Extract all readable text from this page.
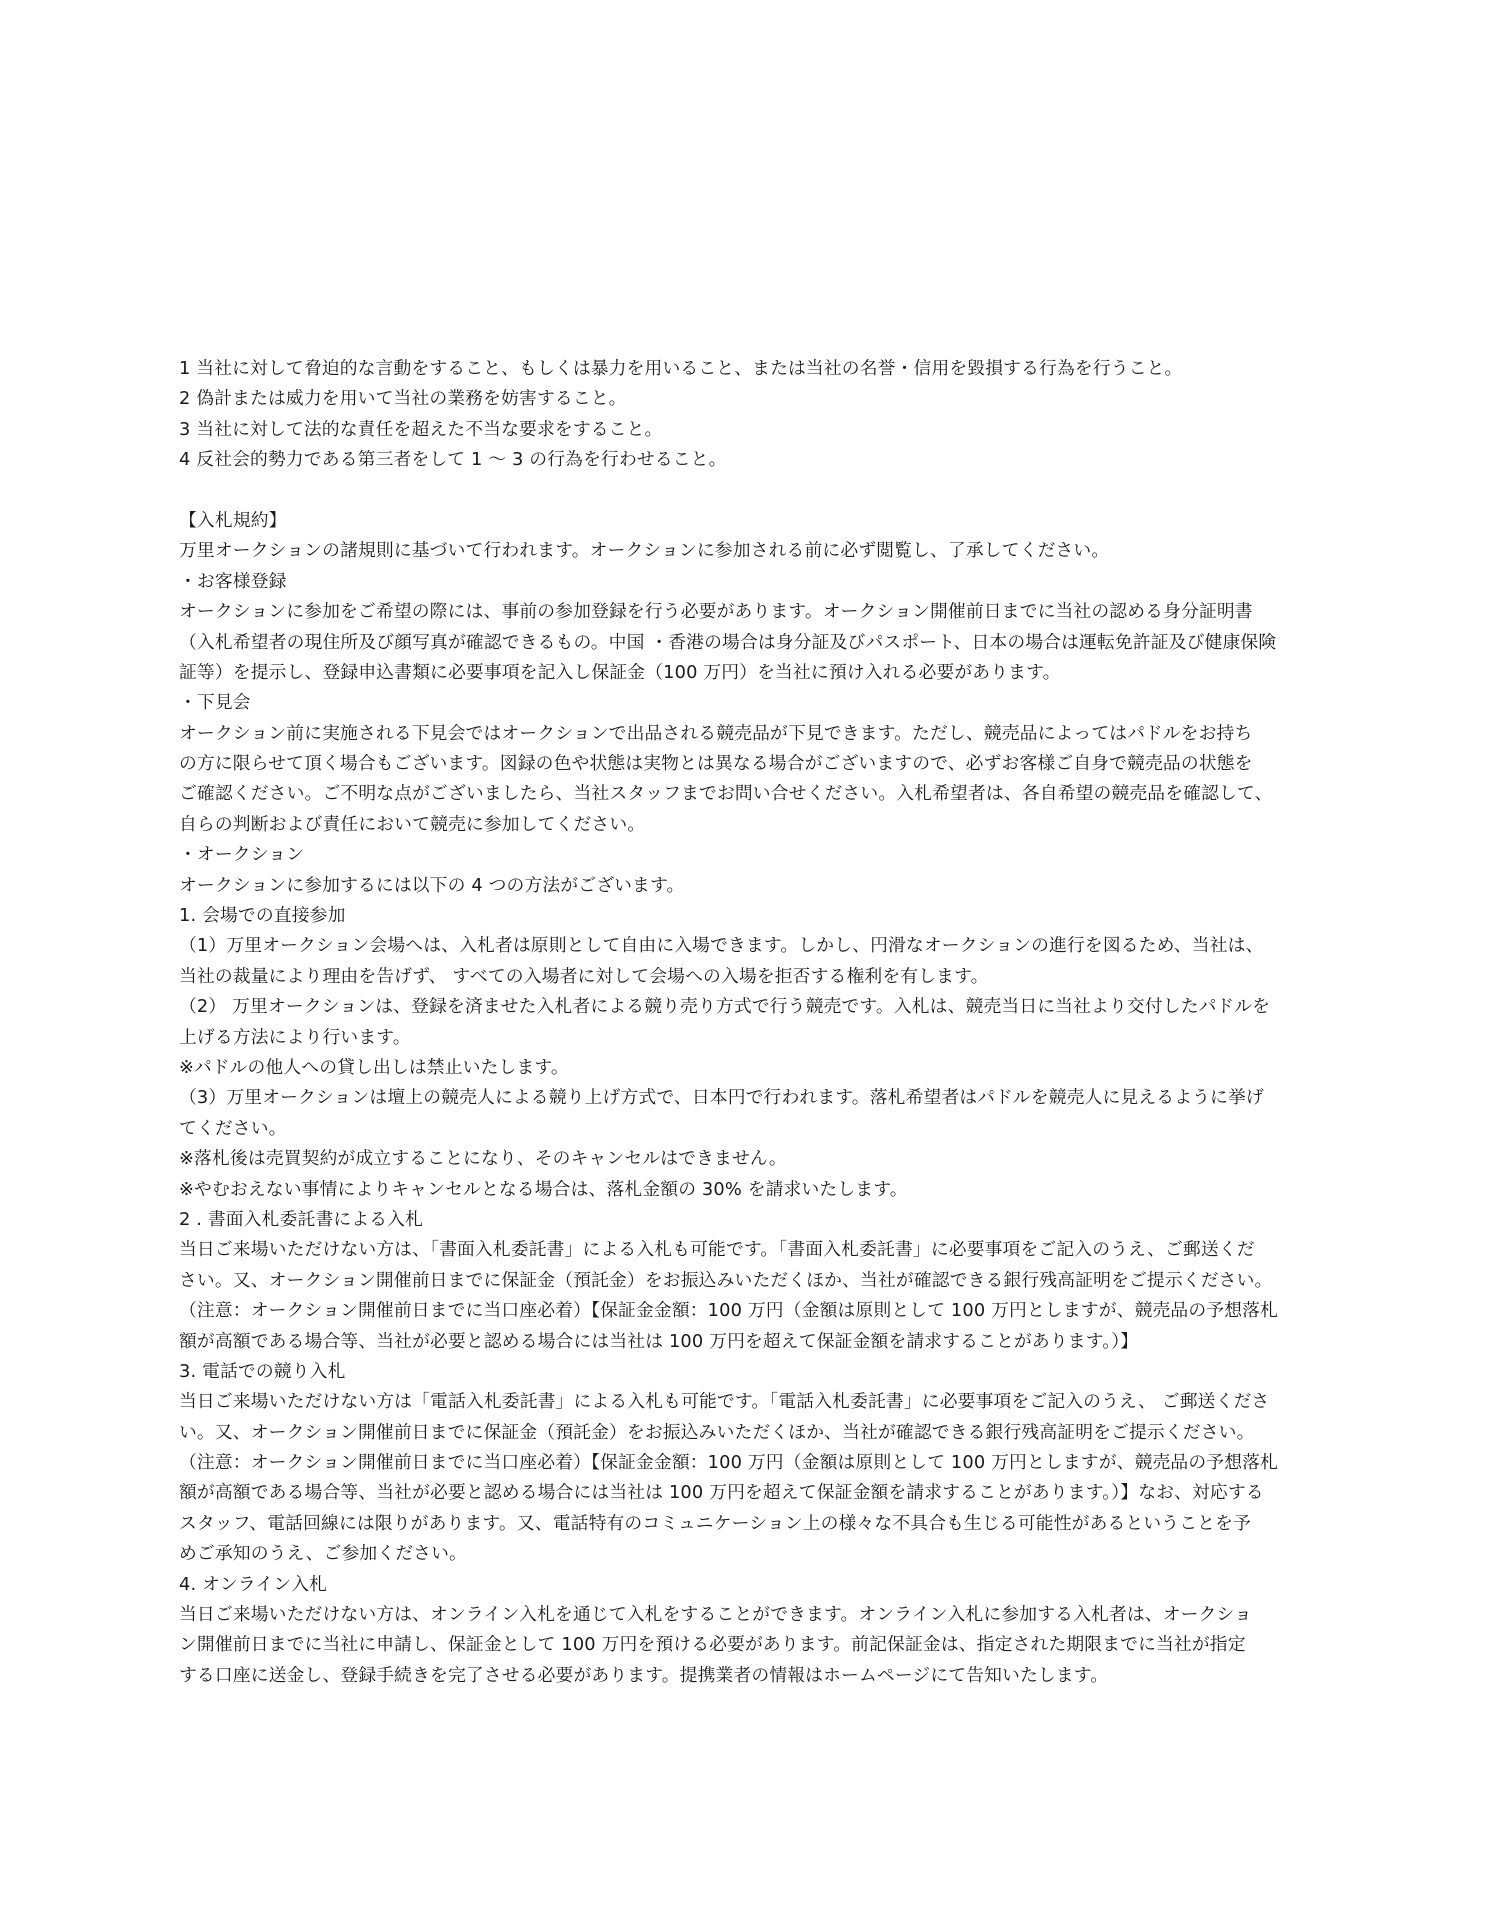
1 当社に対して脅迫的な言動をすること、もしくは暴力を用いること、または当社の名誉・信用を毀損する行為を行うこと。
2 偽計または威力を用いて当社の業務を妨害すること。
3 当社に対して法的な責任を超えた不当な要求をすること。
4 反社会的勢力である第三者をして 1 〜 3 の行為を行わせること。
【入札規約】
万里オークションの諸規則に基づいて行われます。オークションに参加される前に必ず閲覧し、了承してください。
・お客様登録
オークションに参加をご希望の際には、事前の参加登録を行う必要があります。オークション開催前日までに当社の認める身分証明書
（入札希望者の現住所及び顔写真が確認できるもの。中国 ・香港の場合は身分証及びパスポート、日本の場合は運転免許証及び健康保険
証等）を提示し、登録申込書類に必要事項を記入し保証金（100 万円）を当社に預け入れる必要があります。
・下見会
オークション前に実施される下見会ではオークションで出品される競売品が下見できます。ただし、競売品によってはパドルをお持ち
の方に限らせて頂く場合もございます。図録の色や状態は実物とは異なる場合がございますので、必ずお客様ご自身で競売品の状態を
ご確認ください。ご不明な点がございましたら、当社スタッフまでお問い合せください。入札希望者は、各自希望の競売品を確認して、
自らの判断および責任において競売に参加してください。
・オークション
オークションに参加するには以下の 4 つの方法がございます。
1. 会場での直接参加
（1）万里オークション会場へは、入札者は原則として自由に入場できます。しかし、円滑なオークションの進行を図るため、当社は、
当社の裁量により理由を告げず、 すべての入場者に対して会場への入場を拒否する権利を有します。
（2） 万里オークションは、登録を済ませた入札者による競り売り方式で行う競売です。入札は、競売当日に当社より交付したパドルを
上げる方法により行います。
※パドルの他人への貸し出しは禁止いたします。
（3）万里オークションは壇上の競売人による競り上げ方式で、日本円で行われます。落札希望者はパドルを競売人に見えるように挙げ
てください。
※落札後は売買契約が成立することになり、そのキャンセルはできません。
※やむおえない事情によりキャンセルとなる場合は、落札金額の 30% を請求いたします。
2 . 書面入札委託書による入札
当日ご来場いただけない方は、「書面入札委託書」による入札も可能です。「書面入札委託書」に必要事項をご記入のうえ、ご郵送くだ
さい。又、オークション開催前日までに保証金（預託金）をお振込みいただくほか、当社が確認できる銀行残高証明をご提示ください。
（注意：オークション開催前日までに当口座必着）【保証金金額：100 万円（金額は原則として 100 万円としますが、競売品の予想落札
額が高額である場合等、当社が必要と認める場合には当社は 100 万円を超えて保証金額を請求することがあります。）】
3. 電話での競り入札
当日ご来場いただけない方は「電話入札委託書」による入札も可能です。「電話入札委託書」に必要事項をご記入のうえ、 ご郵送くださ
い。又、オークション開催前日までに保証金（預託金）をお振込みいただくほか、当社が確認できる銀行残高証明をご提示ください。
（注意：オークション開催前日までに当口座必着）【保証金金額：100 万円（金額は原則として 100 万円としますが、競売品の予想落札
額が高額である場合等、当社が必要と認める場合には当社は 100 万円を超えて保証金額を請求することがあります。）】なお、対応する
スタッフ、電話回線には限りがあります。又、電話特有のコミュニケーション上の様々な不具合も生じる可能性があるということを予
めご承知のうえ、ご参加ください。
4. オンライン入札
当日ご来場いただけない方は、オンライン入札を通じて入札をすることができます。オンライン入札に参加する入札者は、オークショ
ン開催前日までに当社に申請し、保証金として 100 万円を預ける必要があります。前記保証金は、指定された期限までに当社が指定
する口座に送金し、登録手続きを完了させる必要があります。提携業者の情報はホームページにて告知いたします。
